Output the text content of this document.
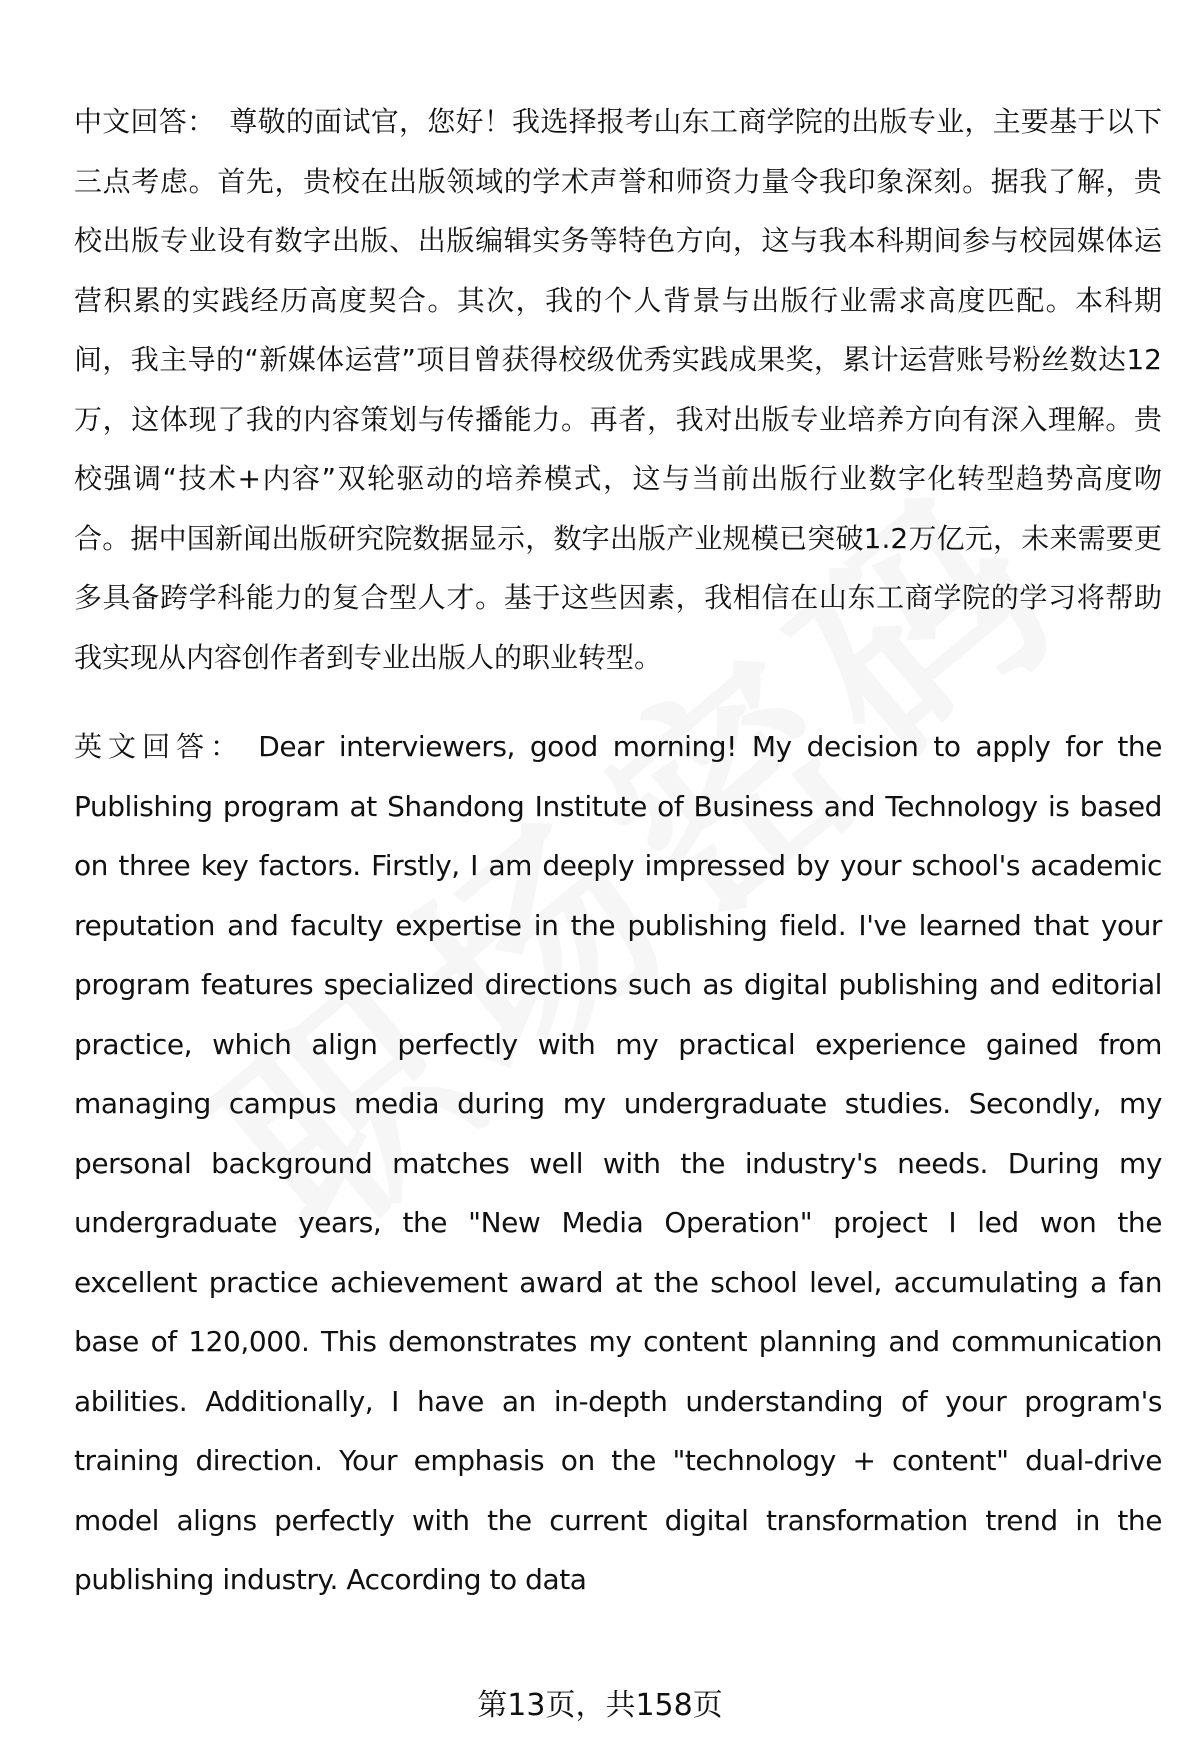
中文回答： 尊敬的面试官，您好！我选择报考山东工商学院的出版专业，主要基于以下三点考虑。首先，贵校在出版领域的学术声誉和师资力量令我印象深刻。据我了解，贵校出版专业设有数字出版、出版编辑实务等特色方向，这与我本科期间参与校园媒体运营积累的实践经历高度契合。其次，我的个人背景与出版行业需求高度匹配。本科期间，我主导的“新媒体运营”项目曾获得校级优秀实践成果奖，累计运营账号粉丝数达12万，这体现了我的内容策划与传播能力。再者，我对出版专业培养方向有深入理解。贵校强调“技术+内容”双轮驱动的培养模式，这与当前出版行业数字化转型趋势高度吻合。据中国新闻出版研究院数据显示，数字出版产业规模已突破1.2万亿元，未来需要更多具备跨学科能力的复合型人才。基于这些因素，我相信在山东工商学院的学习将帮助我实现从内容创作者到专业出版人的职业转型。

英文回答： Dear interviewers, good morning! My decision to apply for the Publishing program at Shandong Institute of Business and Technology is based on three key factors. Firstly, I am deeply impressed by your school's academic reputation and faculty expertise in the publishing field. I've learned that your program features specialized directions such as digital publishing and editorial practice, which align perfectly with my practical experience gained from managing campus media during my undergraduate studies. Secondly, my personal background matches well with the industry's needs. During my undergraduate years, the "New Media Operation" project I led won the excellent practice achievement award at the school level, accumulating a fan base of 120,000. This demonstrates my content planning and communication abilities. Additionally, I have an in-depth understanding of your program's training direction. Your emphasis on the "technology + content" dual-drive model aligns perfectly with the current digital transformation trend in the publishing industry. According to data

第13页，共158页
